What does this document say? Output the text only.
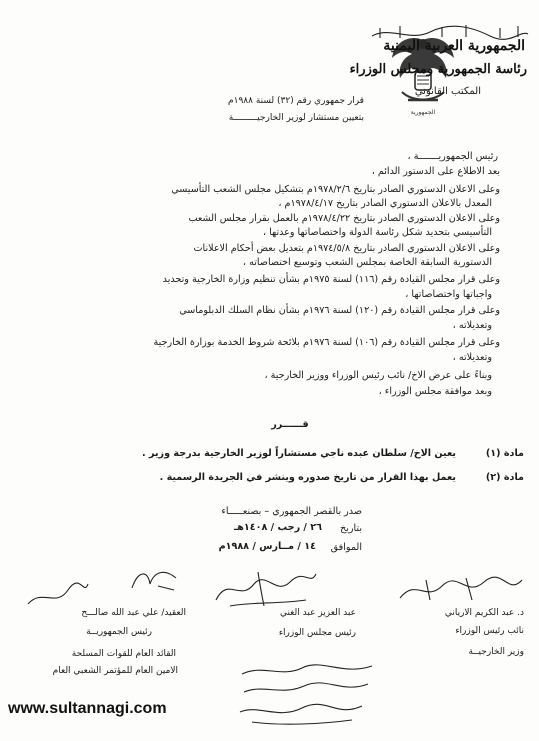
الجمهورية
الجمهورية العربية اليمنية
رئاسة الجمهورية ومجلس الوزراء
المكتب القانوني
قرار جمهوري رقم (٣٢) لسنة ١٩٨٨م
بتعيين مستشار لوزير الخارجيـــــــــة
رئيس الجمهوريـــــــة ،
بعد الاطلاع على الدستور الدائم ،
وعلى الاعلان الدستوري الصادر بتاريخ ١٩٧٨/٢/٦م بتشكيل مجلس الشعب التأسيسي
المعدل بالاعلان الدستوري الصادر بتاريخ ١٩٧٨/٤/١٧م ،
وعلى الاعلان الدستوري الصادر بتاريخ ١٩٧٨/٤/٢٢م بالعمل بقرار مجلس الشعب
التأسيسي بتحديد شكل رئاسة الدولة واختصاصاتها وعدتها ،
وعلى الاعلان الدستوري الصادر بتاريخ ١٩٧٤/٥/٨م بتعديل بعض أحكام الاعلانات
الدستورية السابقة الخاصة بمجلس الشعب وتوسيع اختصاصاته ،
وعلى قرار مجلس القيادة رقم (١١٦) لسنة ١٩٧٥م بشأن تنظيم وزارة الخارجية وتحديد
واجباتها واختصاصاتها ،
وعلى قرار مجلس القيادة رقم (١٢٠) لسنة ١٩٧٦م بشأن نظام السلك الدبلوماسي
وتعديلاته ،
وعلى قرار مجلس القيادة رقم (١٠٦) لسنة ١٩٧٦م بلائحة شروط الخدمة بوزارة الخارجية
وتعديلاته ،
وبناءً على عرض الاخ/ نائب رئيس الوزراء ووزير الخارجية ،
وبعد موافقة مجلس الوزراء ،
قــــــرر
مادة (١)
يعين الاخ/ سلطان عبده ناجي مستشاراً لوزير الخارجية بدرجة وزير .
مادة (٢)
يعمل بهذا القرار من تاريخ صدوره وينشر في الجريدة الرسمية .
صدر بالقصر الجمهوري – بصنعـــــاء
بتاريخ
٢٦ / رجب / ١٤٠٨هـ
الموافق
١٤ / مــارس / ١٩٨٨م
د. عبد الكريم الارياني
نائب رئيس الوزراء
وزير الخارجيــة
عبد العزيز عبد الغني
رئيس مجلس الوزراء
العقيد/ علي عبد الله صالـــح
رئيس الجمهوريــة
القائد العام للقوات المسلحة
الامين العام للمؤتمر الشعبي العام
www.sultannagi.com
